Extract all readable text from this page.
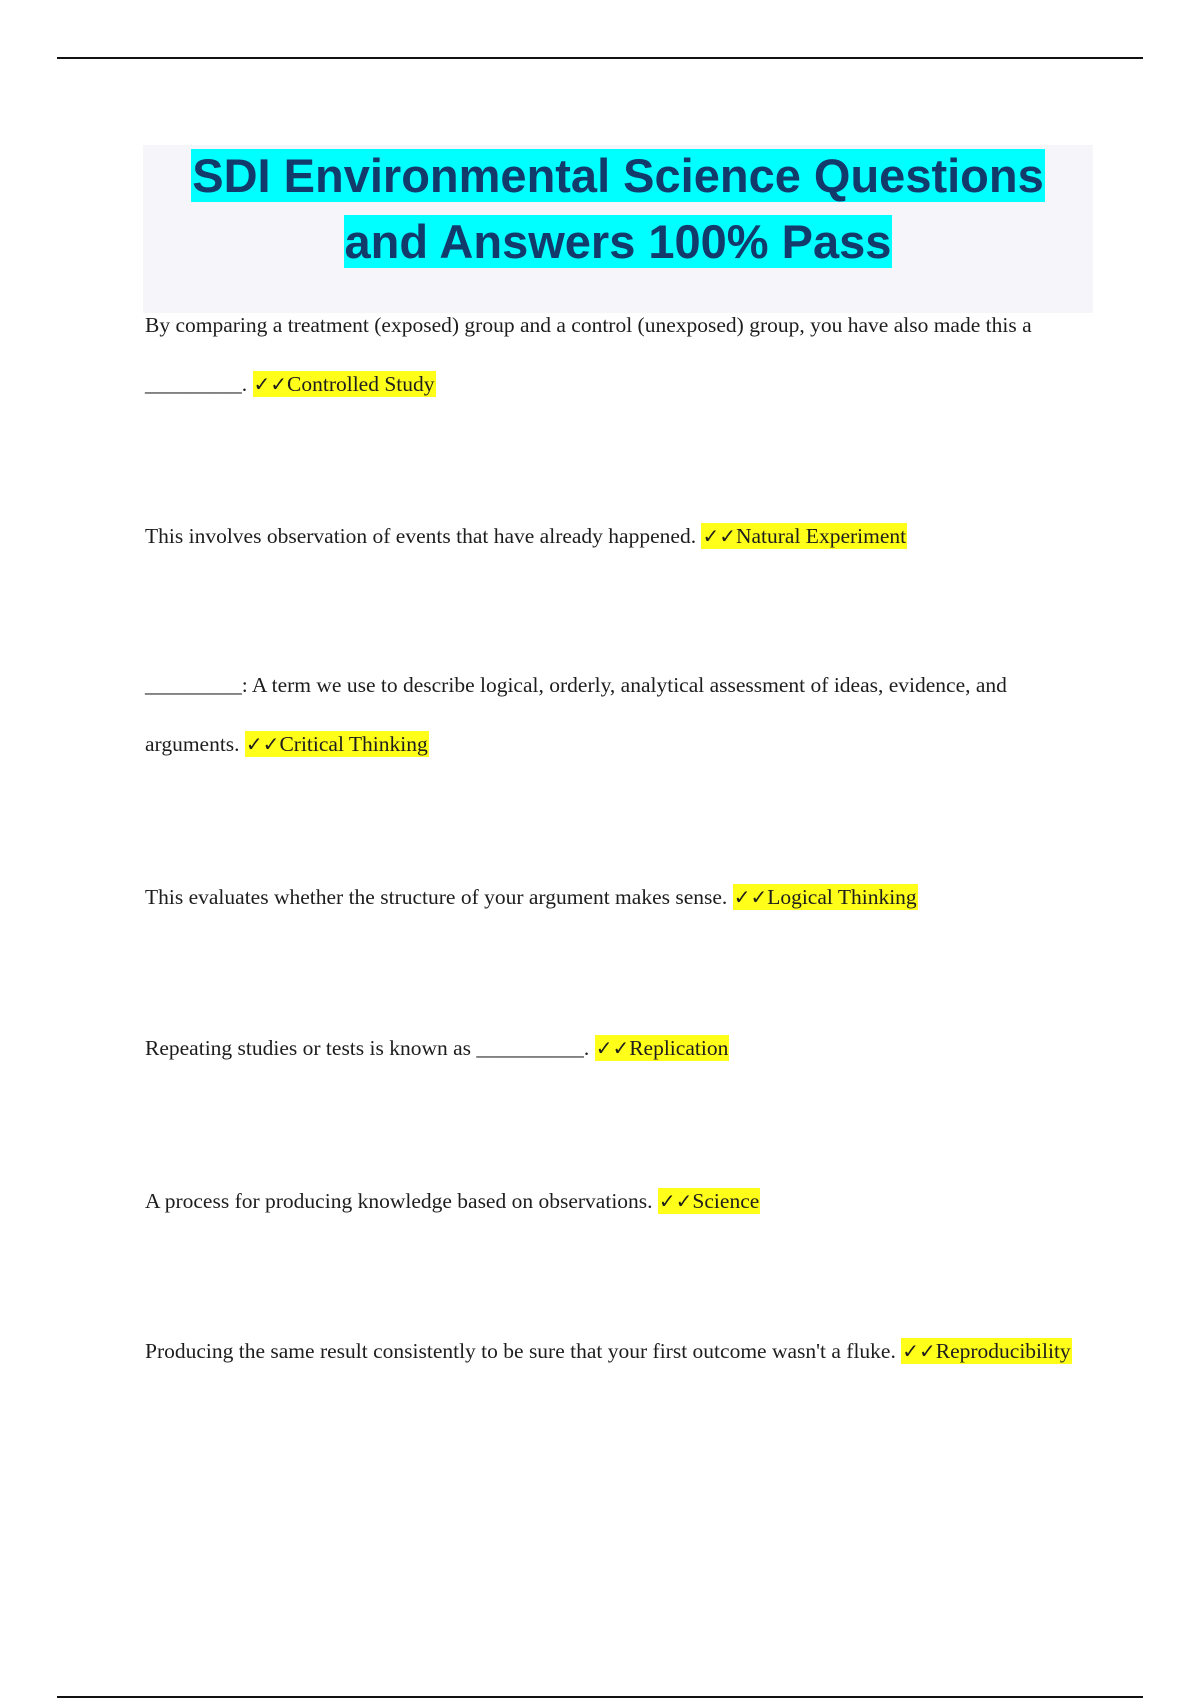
SDI Environmental Science Questions
and Answers 100% Pass

By comparing a treatment (exposed) group and a control (unexposed) group, you have also made this a _________. ✓✓Controlled Study

This involves observation of events that have already happened. ✓✓Natural Experiment

_________: A term we use to describe logical, orderly, analytical assessment of ideas, evidence, and arguments. ✓✓Critical Thinking

This evaluates whether the structure of your argument makes sense. ✓✓Logical Thinking

Repeating studies or tests is known as __________. ✓✓Replication

A process for producing knowledge based on observations. ✓✓Science

Producing the same result consistently to be sure that your first outcome wasn't a fluke. ✓✓Reproducibility
